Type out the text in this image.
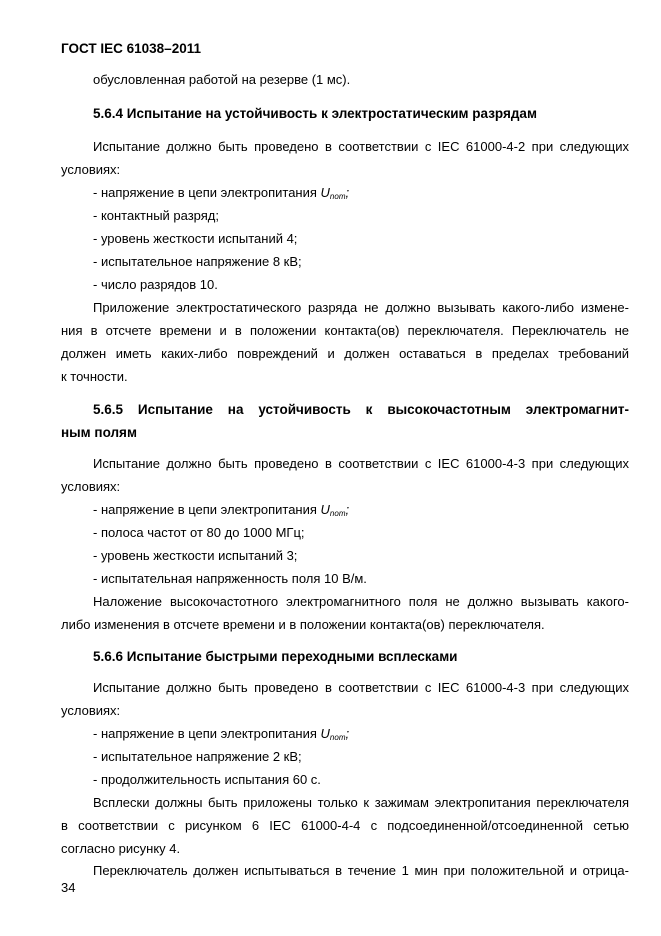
ГОСТ IEC 61038–2011
обусловленная работой на резерве (1 мс).
5.6.4 Испытание на устойчивость к электростатическим разрядам
Испытание должно быть проведено в соответствии с IEC 61000-4-2 при следующих
условиях:
- напряжение в цепи электропитания $U_{nom}$;
- контактный разряд;
- уровень жесткости испытаний 4;
- испытательное напряжение 8 кВ;
- число разрядов 10.
Приложение электростатического разряда не должно вызывать какого-либо измене-
ния в отсчете времени и в положении контакта(ов) переключателя. Переключатель не
должен иметь каких-либо повреждений и должен оставаться в пределах требований
к точности.
5.6.5 Испытание на устойчивость к высокочастотным электромагнит-
ным полям
Испытание должно быть проведено в соответствии с IEC 61000-4-3 при следующих
условиях:
- напряжение в цепи электропитания $U_{nom}$;
- полоса частот от 80 до 1000 МГц;
- уровень жесткости испытаний 3;
- испытательная напряженность поля 10 В/м.
Наложение высокочастотного электромагнитного поля не должно вызывать какого-
либо изменения в отсчете времени и в положении контакта(ов) переключателя.
5.6.6 Испытание быстрыми переходными всплесками
Испытание должно быть проведено в соответствии с IEC 61000-4-3 при следующих
условиях:
- напряжение в цепи электропитания $U_{nom}$;
- испытательное напряжение 2 кВ;
- продолжительность испытания 60 с.
Всплески должны быть приложены только к зажимам электропитания переключателя
в соответствии с рисунком 6 IEC 61000-4-4 с подсоединенной/отсоединенной сетью
согласно рисунку 4.
Переключатель должен испытываться в течение 1 мин при положительной и отрица-
34
